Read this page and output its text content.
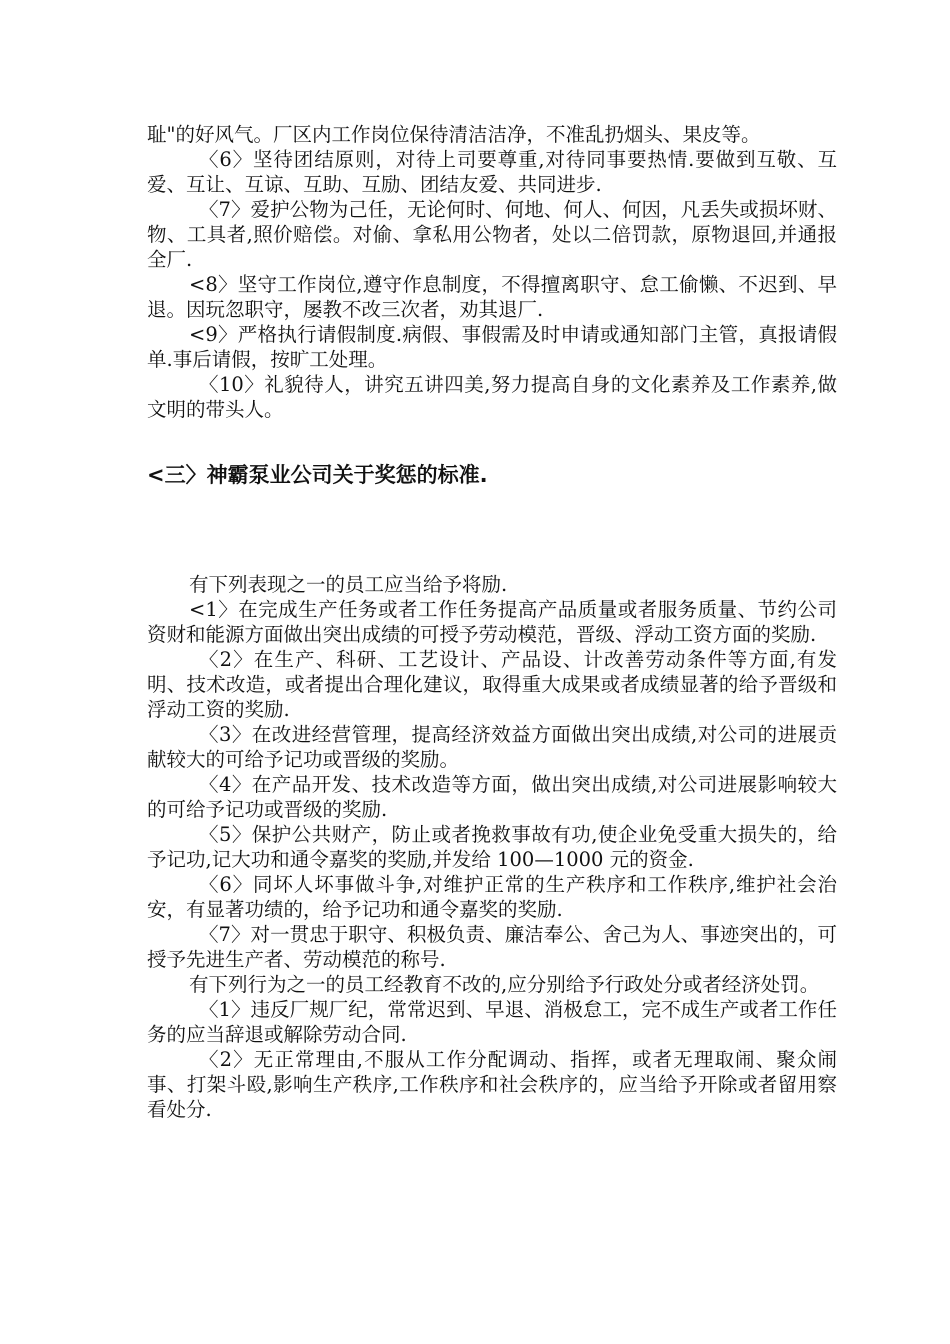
耻"的好风气。厂区内工作岗位保待清洁洁净，不准乱扔烟头、果皮等。

〈6〉坚待团结原则，对待上司要尊重,对待同事要热情.要做到互敬、互爱、互让、互谅、互助、互励、团结友爱、共同进步.

〈7〉爱护公物为己任，无论何时、何地、何人、何因，凡丢失或损坏财、物、工具者,照价赔偿。对偷、拿私用公物者，处以二倍罚款，原物退回,并通报全厂.

<8〉坚守工作岗位,遵守作息制度，不得擅离职守、怠工偷懒、不迟到、早退。因玩忽职守，屡教不改三次者，劝其退厂.

<9〉严格执行请假制度.病假、事假需及时申请或通知部门主管，真报请假单.事后请假，按旷工处理。

〈10〉礼貌待人，讲究五讲四美,努力提高自身的文化素养及工作素养,做文明的带头人。

<三〉神霸泵业公司关于奖惩的标准.

有下列表现之一的员工应当给予将励.

<1〉在完成生产任务或者工作任务提高产品质量或者服务质量、节约公司资财和能源方面做出突出成绩的可授予劳动模范，晋级、浮动工资方面的奖励.

〈2〉在生产、科研、工艺设计、产品设、计改善劳动条件等方面,有发明、技术改造，或者提出合理化建议，取得重大成果或者成绩显著的给予晋级和浮动工资的奖励.

〈3〉在改进经营管理，提高经济效益方面做出突出成绩,对公司的进展贡献较大的可给予记功或晋级的奖励。

〈4〉在产品开发、技术改造等方面，做出突出成绩,对公司进展影响较大的可给予记功或晋级的奖励.

〈5〉保护公共财产，防止或者挽救事故有功,使企业免受重大损失的，给予记功,记大功和通令嘉奖的奖励,并发给 100—1000 元的资金.

〈6〉同坏人坏事做斗争,对维护正常的生产秩序和工作秩序,维护社会治安，有显著功绩的，给予记功和通令嘉奖的奖励.

〈7〉对一贯忠于职守、积极负责、廉洁奉公、舍己为人、事迹突出的，可授予先进生产者、劳动模范的称号.

有下列行为之一的员工经教育不改的,应分别给予行政处分或者经济处罚。

〈1〉违反厂规厂纪，常常迟到、早退、消极怠工，完不成生产或者工作任务的应当辞退或解除劳动合同.

〈2〉无正常理由,不服从工作分配调动、指挥，或者无理取闹、聚众闹事、打架斗殴,影响生产秩序,工作秩序和社会秩序的，应当给予开除或者留用察看处分.
